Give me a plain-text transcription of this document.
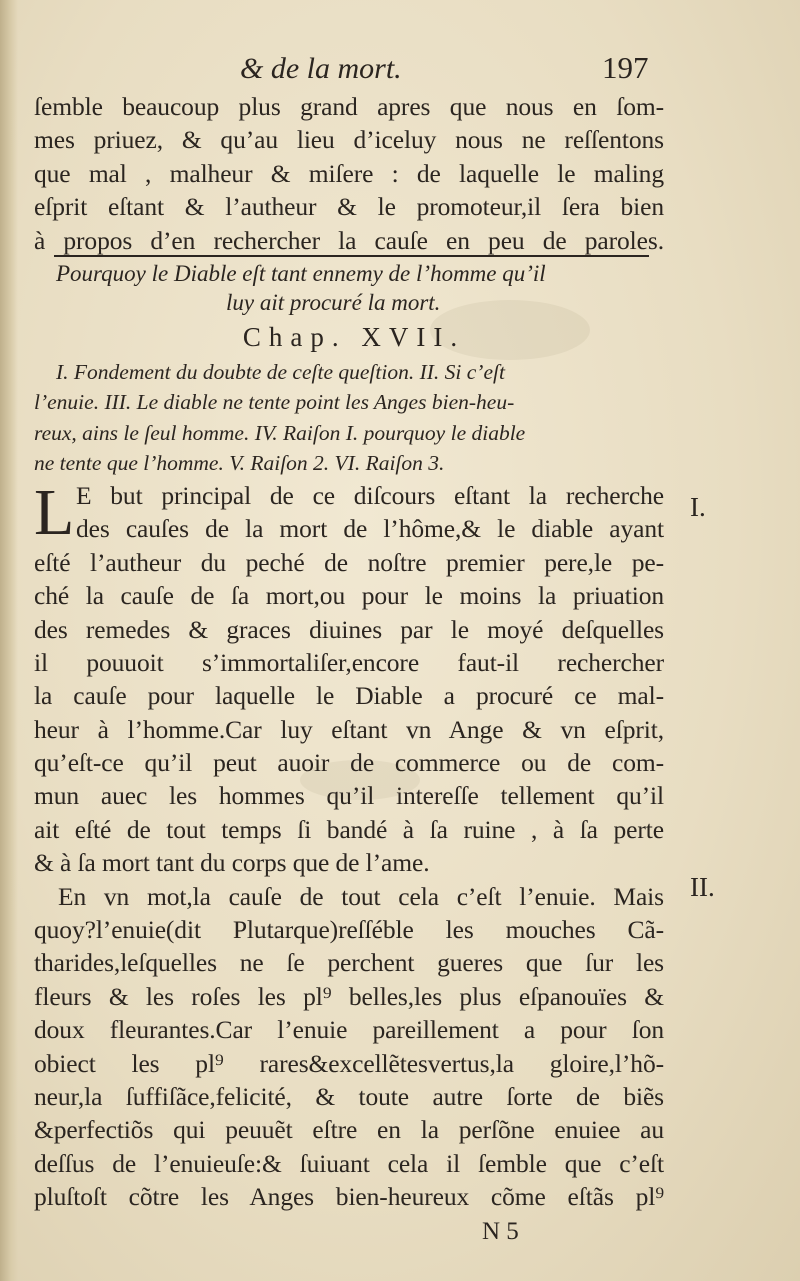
& de la mort.	197
ſemble beaucoup plus grand apres que nous en ſom-
mes priuez, & qu’au lieu d’iceluy nous ne reſſentons
que mal , malheur & miſere : de laquelle le maling
eſprit eſtant & l’autheur & le promoteur,il ſera bien
à propos d’en rechercher la cauſe en peu de paroles.
Pourquoy le Diable eſt tant ennemy de l’homme qu’il
luy ait procuré la mort.
Chap. XVII.
I. Fondement du doubte de ceſte queſtion. II. Si c’eſt
l’enuie. III. Le diable ne tente point les Anges bien-heu-
reux, ains le ſeul homme. IV. Raiſon I. pourquoy le diable
ne tente que l’homme. V. Raiſon 2. VI. Raiſon 3.
L E but principal de ce diſcours eſtant la recherche
des cauſes de la mort de l’hôme,& le diable ayant
eſté l’autheur du peché de noſtre premier pere,le pe-
ché la cauſe de ſa mort,ou pour le moins la priuation
des remedes & graces diuines par le moyé deſquelles
il pouuoit s’immortaliſer,encore faut-il rechercher
la cauſe pour laquelle le Diable a procuré ce mal-
heur à l’homme.Car luy eſtant vn Ange & vn eſprit,
qu’eſt-ce qu’il peut auoir de commerce ou de com-
mun auec les hommes qu’il intereſſe tellement qu’il
ait eſté de tout temps ſi bandé à ſa ruine , à ſa perte
& à ſa mort tant du corps que de l’ame.
En vn mot,la cauſe de tout cela c’eſt l’enuie. Mais
quoy?l’enuie(dit Plutarque)reſſéble les mouches Cã-
tharides,leſquelles ne ſe perchent gueres que ſur les
fleurs & les roſes les pl⁹ belles,les plus eſpanouïes &
doux fleurantes.Car l’enuie pareillement a pour ſon
obiect les pl⁹ rares&excellẽtesvertus,la gloire,l’hõ-
neur,la ſuffiſãce,felicité, & toute autre ſorte de biẽs
&perfectiõs qui peuuẽt eſtre en la perſõne enuiee au
deſſus de l’enuieuſe:& ſuiuant cela il ſemble que c’eſt
pluſtoſt cõtre les Anges bien-heureux cõme eſtãs pl⁹
I.
II.
N 5
